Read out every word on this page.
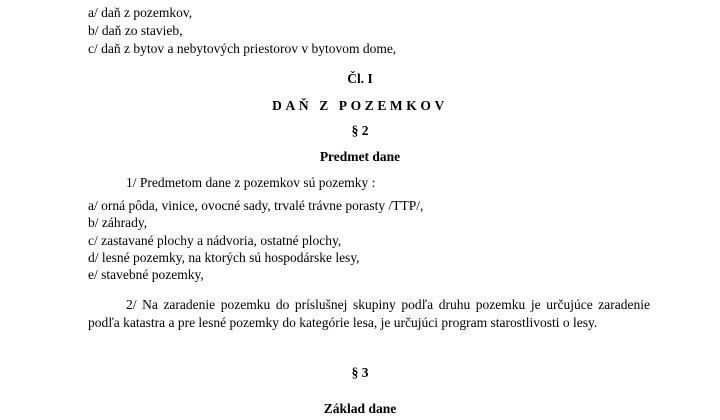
a/ daň z pozemkov,

b/ daň zo stavieb,

c/ daň z bytov a nebytových priestorov v bytovom dome,

Čl. I

DAŇ Z POZEMKOV

§ 2

Predmet dane

1/ Predmetom dane z pozemkov sú pozemky :

a/ orná pôda, vinice, ovocné sady, trvalé trávne porasty /TTP/,

b/ záhrady,

c/ zastavané plochy a nádvoria, ostatné plochy,

d/ lesné pozemky, na ktorých sú hospodárske lesy,

e/ stavebné pozemky,

2/ Na zaradenie pozemku do príslušnej skupiny podľa druhu pozemku je určujúce zaradenie podľa katastra a pre lesné pozemky do kategórie lesa, je určujúci program starostlivosti o lesy.

§ 3

Základ dane
